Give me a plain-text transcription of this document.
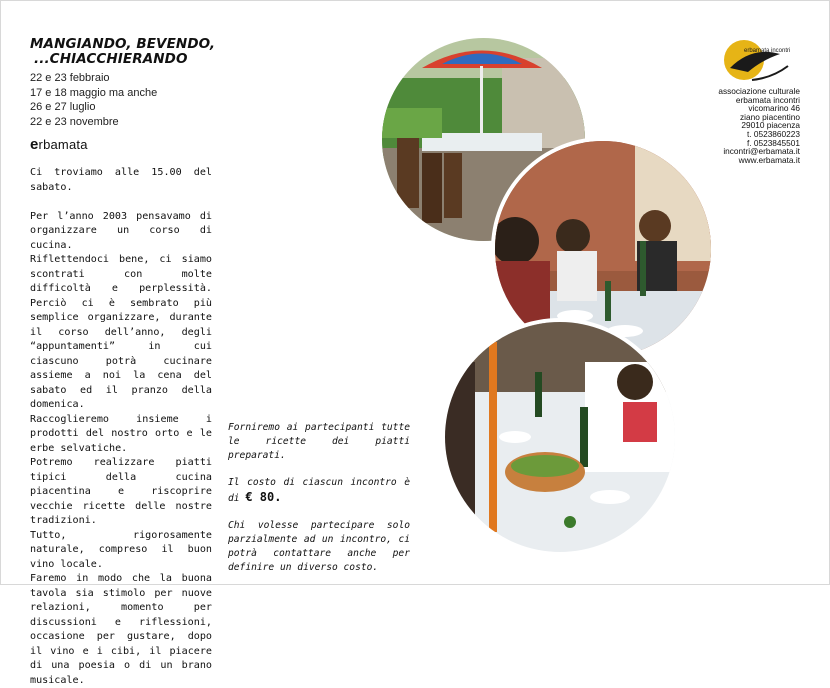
MANGIANDO, BEVENDO,
...CHIACCHIERANDO
22 e 23 febbraio
17 e 18 maggio ma anche
26 e 27 luglio
22 e 23 novembre
erbamata

Ci troviamo alle 15.00 del sabato.

Per l’anno 2003 pensavamo di organizzare un corso di cucina.

Riflettendoci bene, ci siamo scontrati con molte difficoltà e perplessità. Perciò ci è sembrato più semplice organizzare, durante il corso dell’anno, degli “appuntamenti” in cui ciascuno potrà cucinare assieme a noi la cena del sabato ed il pranzo della domenica.

Raccoglieremo insieme i prodotti del nostro orto e le erbe selvatiche.

Potremo realizzare piatti tipici della cucina piacentina e riscoprire vecchie ricette delle nostre tradizioni.

Tutto, rigorosamente naturale, compreso il buon vino locale.

Faremo in modo che la buona tavola sia stimolo per nuove relazioni, momento per discussioni e riflessioni, occasione per gustare, dopo il vino e i cibi, il piacere di una poesia o di un brano musicale.

Forniremo ai partecipanti tutte le ricette dei piatti preparati.

Il costo di ciascun incontro è di € 80.

Chi volesse partecipare solo parzialmente ad un incontro, ci potrà contattare anche per definire un diverso costo.

erbamata incontri
associazione culturale
erbamata incontri
vicomarino 46
ziano piacentino
29010 piacenza
t. 0523860223
f. 0523845501
incontri@erbamata.it
www.erbamata.it
